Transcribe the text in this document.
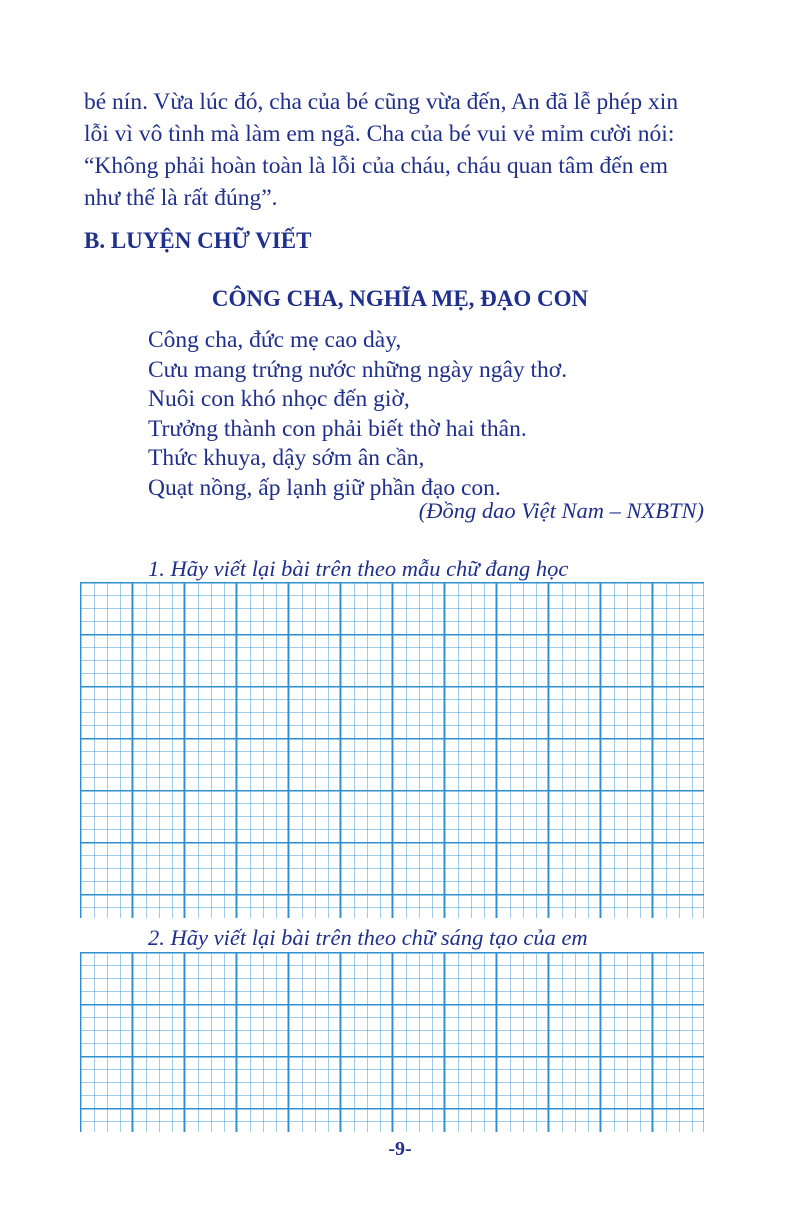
bé nín. Vừa lúc đó, cha của bé cũng vừa đến, An đã lễ phép xin
lỗi vì vô tình mà làm em ngã. Cha của bé vui vẻ mỉm cười nói:
“Không phải hoàn toàn là lỗi của cháu, cháu quan tâm đến em
như thế là rất đúng”.

B. LUYỆN CHỮ VIẾT
CÔNG CHA, NGHĨA MẸ, ĐẠO CON
Công cha, đức mẹ cao dày,
Cưu mang trứng nước những ngày ngây thơ.
Nuôi con khó nhọc đến giờ,
Trưởng thành con phải biết thờ hai thân.
Thức khuya, dậy sớm ân cần,
Quạt nồng, ấp lạnh giữ phần đạo con.

(Đồng dao Việt Nam – NXBTN)

1. Hãy viết lại bài trên theo mẫu chữ đang học

2. Hãy viết lại bài trên theo chữ sáng tạo của em

-9-
